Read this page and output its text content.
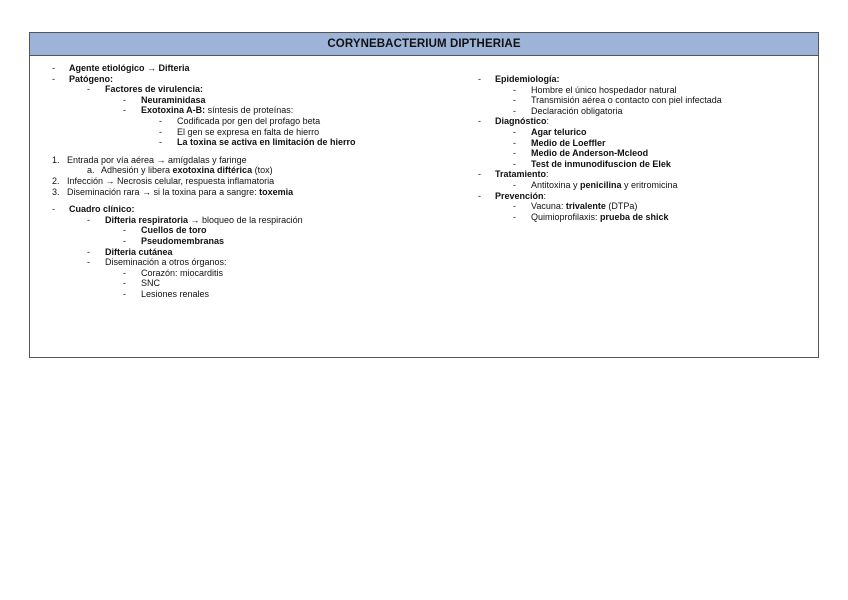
CORYNEBACTERIUM DIPTHERIAE
- Agente etiológico → Difteria
- Patógeno:
- Factores de virulencia:
- Neuraminidasa
- Exotoxina A-B: síntesis de proteínas:
- Codificada por gen del profago beta
- El gen se expresa en falta de hierro
- La toxina se activa en limitación de hierro
1. Entrada por vía aérea → amígdalas y faringe
a. Adhesión y libera exotoxina diftérica (tox)
2. Infección → Necrosis celular, respuesta inflamatoria
3. Diseminación rara → si la toxina para a sangre: toxemia
- Cuadro clínico:
- Difteria respiratoria → bloqueo de la respiración
- Cuellos de toro
- Pseudomembranas
- Difteria cutánea
- Diseminación a otros órganos:
- Corazón: miocarditis
- SNC
- Lesiones renales
- Epidemiología:
- Hombre el único hospedador natural
- Transmisión aérea o contacto con piel infectada
- Declaración obligatoria
- Diagnóstico:
- Agar telurico
- Medio de Loeffler
- Medio de Anderson-Mcleod
- Test de inmunodifuscion de Elek
- Tratamiento:
- Antitoxina y penicilina y eritromicina
- Prevención:
- Vacuna: trivalente (DTPa)
- Quimioprofilaxis: prueba de shick
